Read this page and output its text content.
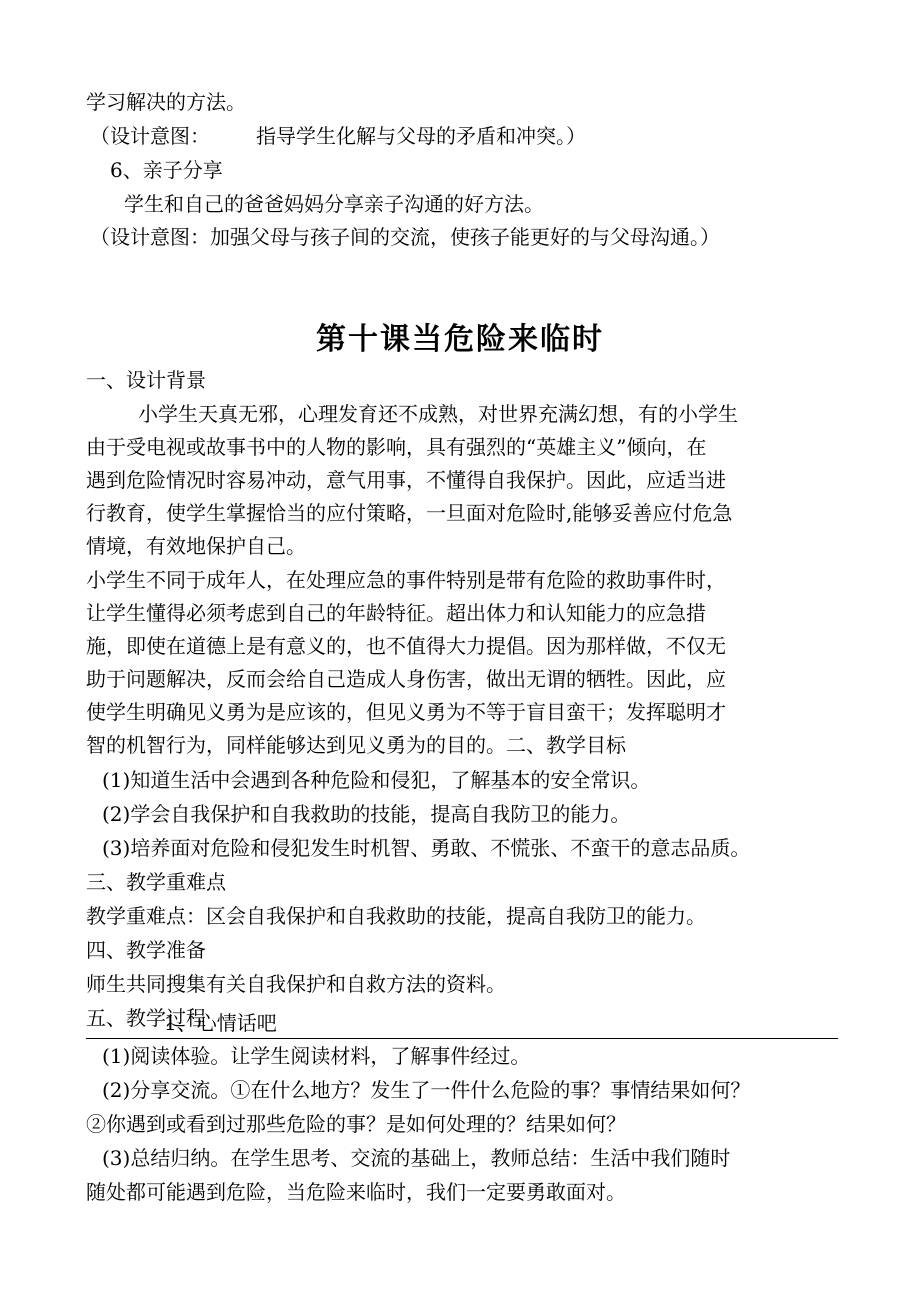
学习解决的方法。
（设计意图： 指导学生化解与父母的矛盾和冲突。）
6、亲子分享
学生和自己的爸爸妈妈分享亲子沟通的好方法。
（设计意图：加强父母与孩子间的交流，使孩子能更好的与父母沟通。）
第十课当危险来临时
一、设计背景
小学生天真无邪，心理发育还不成熟，对世界充满幻想，有的小学生
由于受电视或故事书中的人物的影响，具有强烈的“英雄主义”倾向，在
遇到危险情况时容易冲动，意气用事，不懂得自我保护。因此，应适当进
行教育，使学生掌握恰当的应付策略，一旦面对危险时,能够妥善应付危急
情境，有效地保护自己。
小学生不同于成年人，在处理应急的事件特别是带有危险的救助事件时，
让学生懂得必须考虑到自己的年龄特征。超出体力和认知能力的应急措
施，即使在道德上是有意义的，也不值得大力提倡。因为那样做，不仅无
助于问题解决，反而会给自己造成人身伤害，做出无谓的牺牲。因此，应
使学生明确见义勇为是应该的，但见义勇为不等于盲目蛮干；发挥聪明才
智的机智行为，同样能够达到见义勇为的目的。二、教学目标
(1)知道生活中会遇到各种危险和侵犯，了解基本的安全常识。
(2)学会自我保护和自我救助的技能，提高自我防卫的能力。
(3)培养面对危险和侵犯发生时机智、勇敢、不慌张、不蛮干的意志品质。
三、教学重难点
教学重难点：区会自我保护和自我救助的技能，提高自我防卫的能力。
四、教学准备
师生共同搜集有关自我保护和自救方法的资料。
五、教学过程
1、心情话吧
(1)阅读体验。让学生阅读材料，了解事件经过。
(2)分享交流。①在什么地方？发生了一件什么危险的事？事情结果如何？
②你遇到或看到过那些危险的事？是如何处理的？结果如何？
(3)总结归纳。在学生思考、交流的基础上，教师总结：生活中我们随时
随处都可能遇到危险，当危险来临时，我们一定要勇敢面对。
